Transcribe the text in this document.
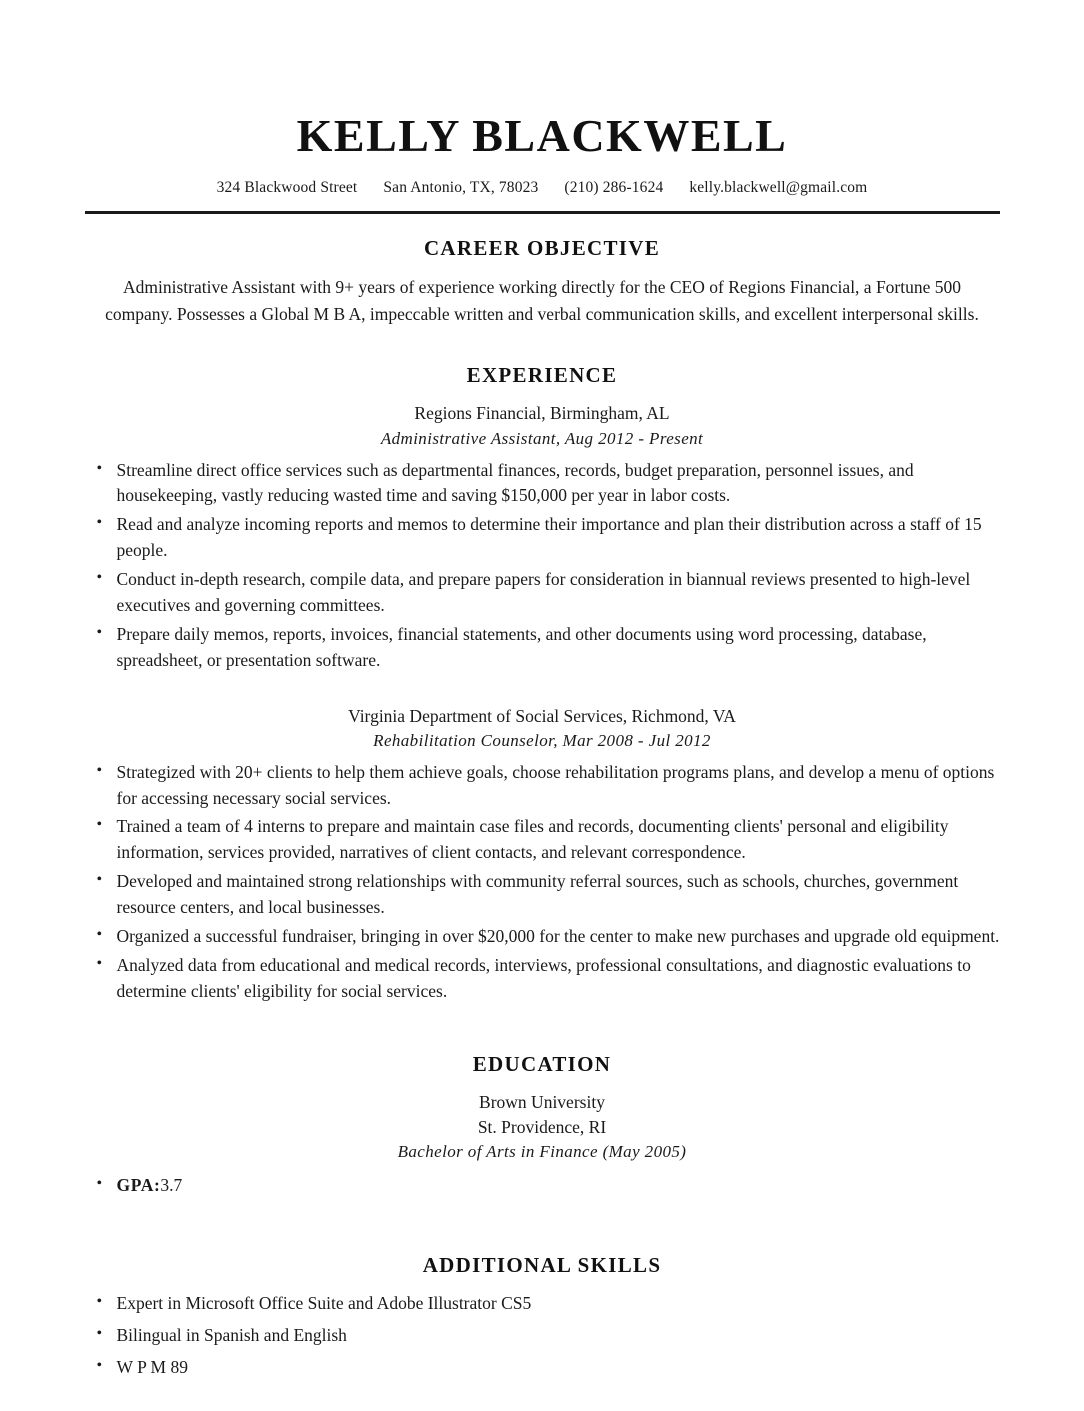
KELLY BLACKWELL
324 Blackwood Street San Antonio, TX, 78023 (210) 286-1624 kelly.blackwell@gmail.com
CAREER OBJECTIVE

Administrative Assistant with 9+ years of experience working directly for the CEO of Regions Financial, a Fortune 500 company. Possesses a Global M B A, impeccable written and verbal communication skills, and excellent interpersonal skills.

EXPERIENCE

Regions Financial, Birmingham, AL

Administrative Assistant, Aug 2012 - Present

• Streamline direct office services such as departmental finances, records, budget preparation, personnel issues, and housekeeping, vastly reducing wasted time and saving $150,000 per year in labor costs.
• Read and analyze incoming reports and memos to determine their importance and plan their distribution across a staff of 15 people.
• Conduct in-depth research, compile data, and prepare papers for consideration in biannual reviews presented to high-level executives and governing committees.
• Prepare daily memos, reports, invoices, financial statements, and other documents using word processing, database, spreadsheet, or presentation software.

Virginia Department of Social Services, Richmond, VA

Rehabilitation Counselor, Mar 2008 - Jul 2012

• Strategized with 20+ clients to help them achieve goals, choose rehabilitation programs plans, and develop a menu of options for accessing necessary social services.
• Trained a team of 4 interns to prepare and maintain case files and records, documenting clients' personal and eligibility information, services provided, narratives of client contacts, and relevant correspondence.
• Developed and maintained strong relationships with community referral sources, such as schools, churches, government resource centers, and local businesses.
• Organized a successful fundraiser, bringing in over $20,000 for the center to make new purchases and upgrade old equipment.
• Analyzed data from educational and medical records, interviews, professional consultations, and diagnostic evaluations to determine clients' eligibility for social services.
EDUCATION

Brown University

St. Providence, RI

Bachelor of Arts in Finance (May 2005)

• GPA:3.7
ADDITIONAL SKILLS
• Expert in Microsoft Office Suite and Adobe Illustrator CS5
• Bilingual in Spanish and English
• W P M 89
